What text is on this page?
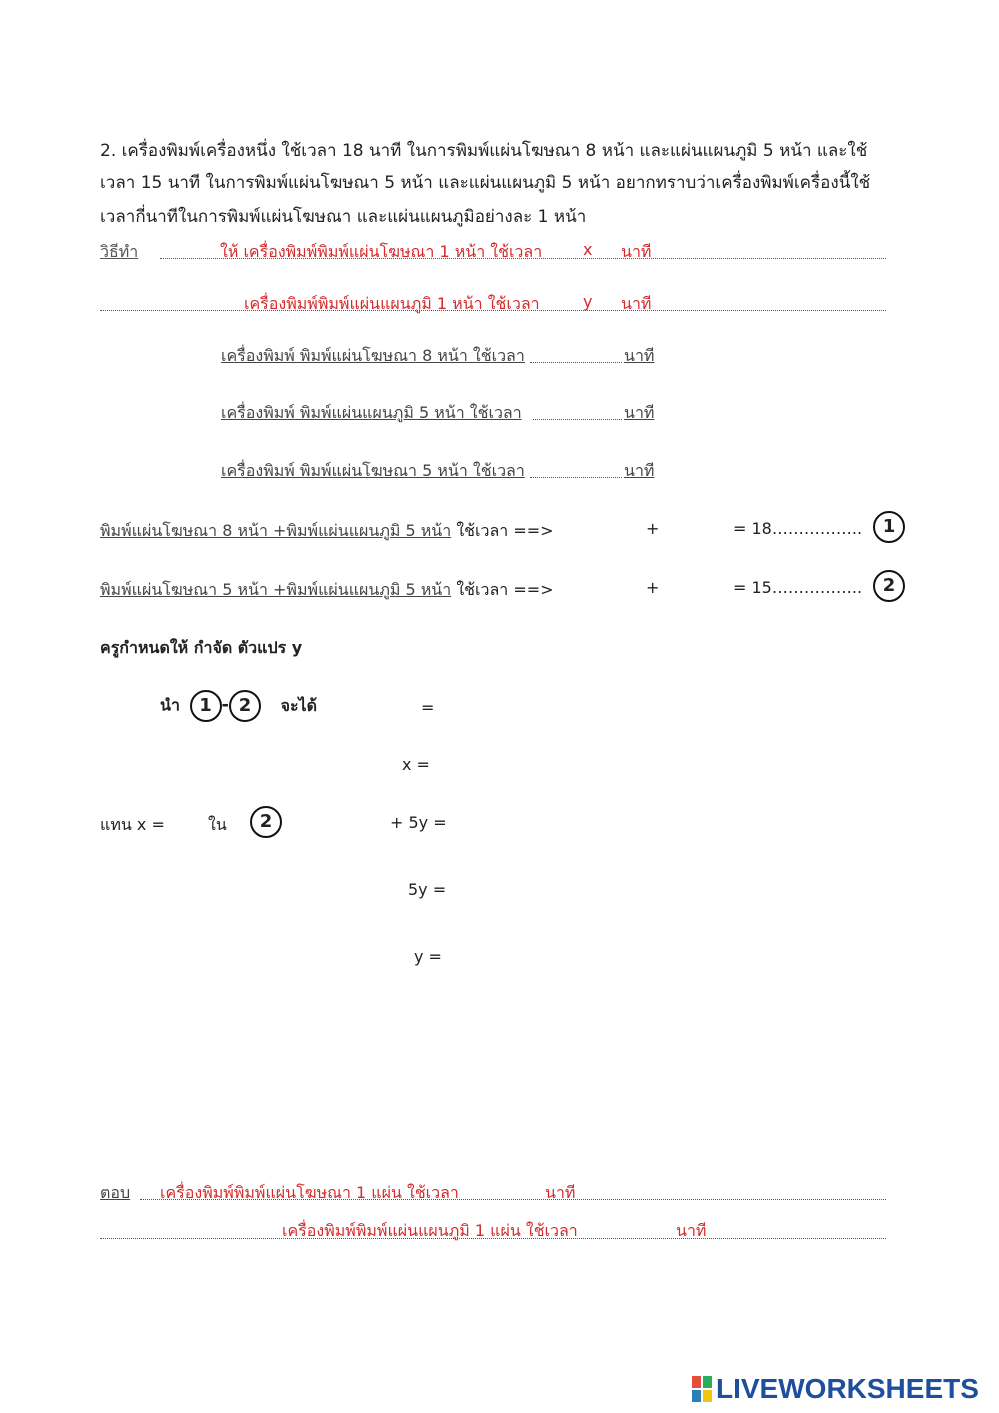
2. เครื่องพิมพ์เครื่องหนึ่ง ใช้เวลา 18 นาที ในการพิมพ์แผ่นโฆษณา 8 หน้า และแผ่นแผนภูมิ 5 หน้า และใช้
เวลา 15 นาที ในการพิมพ์แผ่นโฆษณา 5 หน้า และแผ่นแผนภูมิ 5 หน้า อยากทราบว่าเครื่องพิมพ์เครื่องนี้ใช้
เวลากี่นาทีในการพิมพ์แผ่นโฆษณา และแผ่นแผนภูมิอย่างละ 1 หน้า
วิธีทำ	ให้ เครื่องพิมพ์พิมพ์แผ่นโฆษณา 1 หน้า ใช้เวลา	x นาที
เครื่องพิมพ์พิมพ์แผ่นแผนภูมิ 1 หน้า ใช้เวลา	y นาที
เครื่องพิมพ์ พิมพ์แผ่นโฆษณา 8 หน้า ใช้เวลา	นาที
เครื่องพิมพ์ พิมพ์แผ่นแผนภูมิ 5 หน้า ใช้เวลา	นาที
เครื่องพิมพ์ พิมพ์แผ่นโฆษณา 5 หน้า ใช้เวลา	นาที
พิมพ์แผ่นโฆษณา 8 หน้า +พิมพ์แผ่นแผนภูมิ 5 หน้า ใช้เวลา ==>	+	= 18……………..	1
พิมพ์แผ่นโฆษณา 5 หน้า +พิมพ์แผ่นแผนภูมิ 5 หน้า ใช้เวลา ==>	+	= 15……………..	2
ครูกำหนดให้ กำจัด ตัวแปร y
นำ 1 - 2 จะได้	=
x =
แทน x =	ใน	2	+ 5y =
5y =
y =
ตอบ เครื่องพิมพ์พิมพ์แผ่นโฆษณา 1 แผ่น ใช้เวลา	นาที
เครื่องพิมพ์พิมพ์แผ่นแผนภูมิ 1 แผ่น ใช้เวลา	นาที
LIVEWORKSHEETS
